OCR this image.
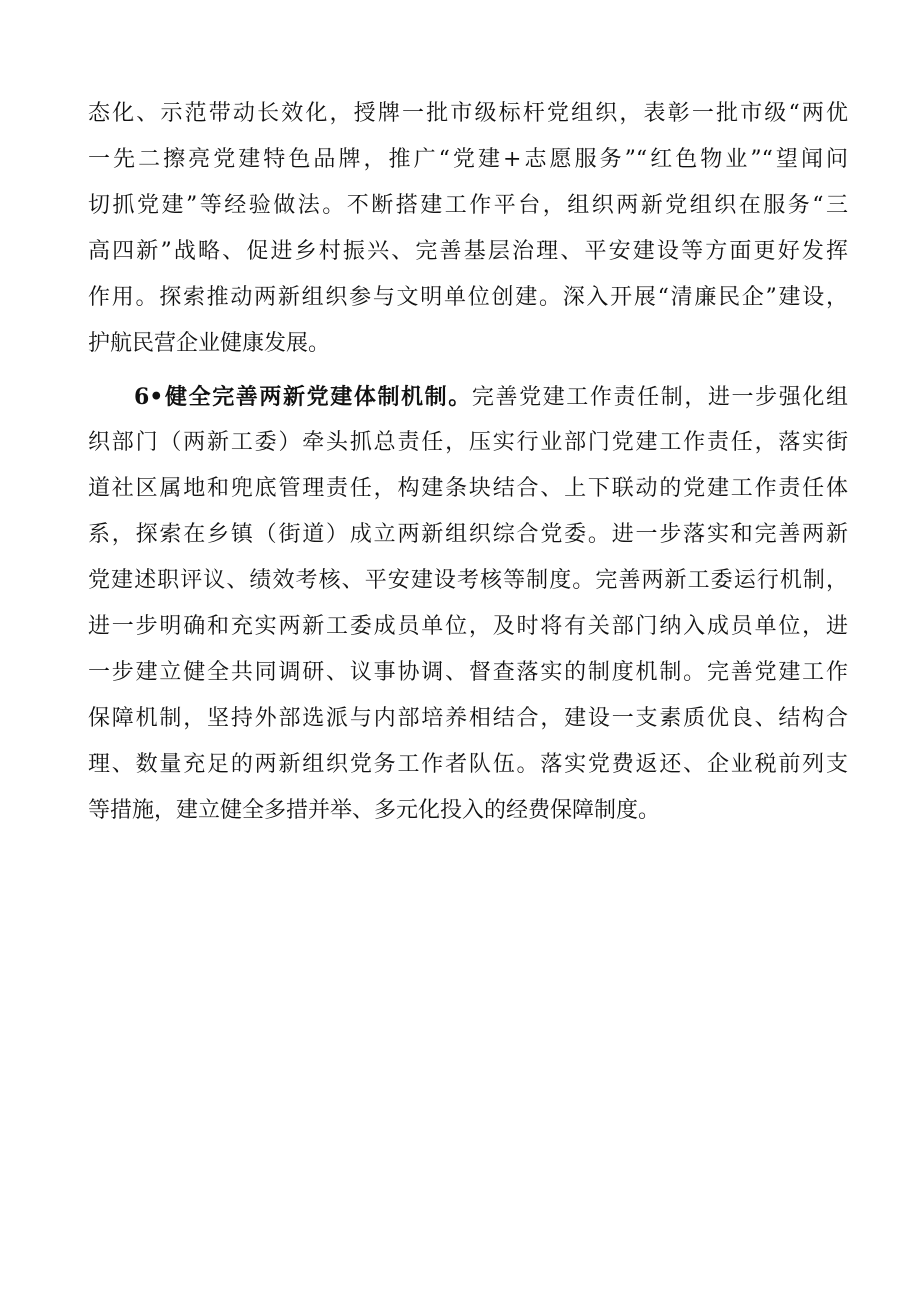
态化、示范带动长效化，授牌一批市级标杆党组织，表彰一批市级“两优
一先二擦亮党建特色品牌，推广“党建+志愿服务”“红色物业”“望闻问
切抓党建”等经验做法。不断搭建工作平台，组织两新党组织在服务“三
高四新”战略、促进乡村振兴、完善基层治理、平安建设等方面更好发挥
作用。探索推动两新组织参与文明单位创建。深入开展“清廉民企”建设，
护航民营企业健康发展。
6•健全完善两新党建体制机制。完善党建工作责任制，进一步强化组
织部门（两新工委）牵头抓总责任，压实行业部门党建工作责任，落实街
道社区属地和兜底管理责任，构建条块结合、上下联动的党建工作责任体
系，探索在乡镇（街道）成立两新组织综合党委。进一步落实和完善两新
党建述职评议、绩效考核、平安建设考核等制度。完善两新工委运行机制，
进一步明确和充实两新工委成员单位，及时将有关部门纳入成员单位，进
一步建立健全共同调研、议事协调、督查落实的制度机制。完善党建工作
保障机制，坚持外部选派与内部培养相结合，建设一支素质优良、结构合
理、数量充足的两新组织党务工作者队伍。落实党费返还、企业税前列支
等措施，建立健全多措并举、多元化投入的经费保障制度。
